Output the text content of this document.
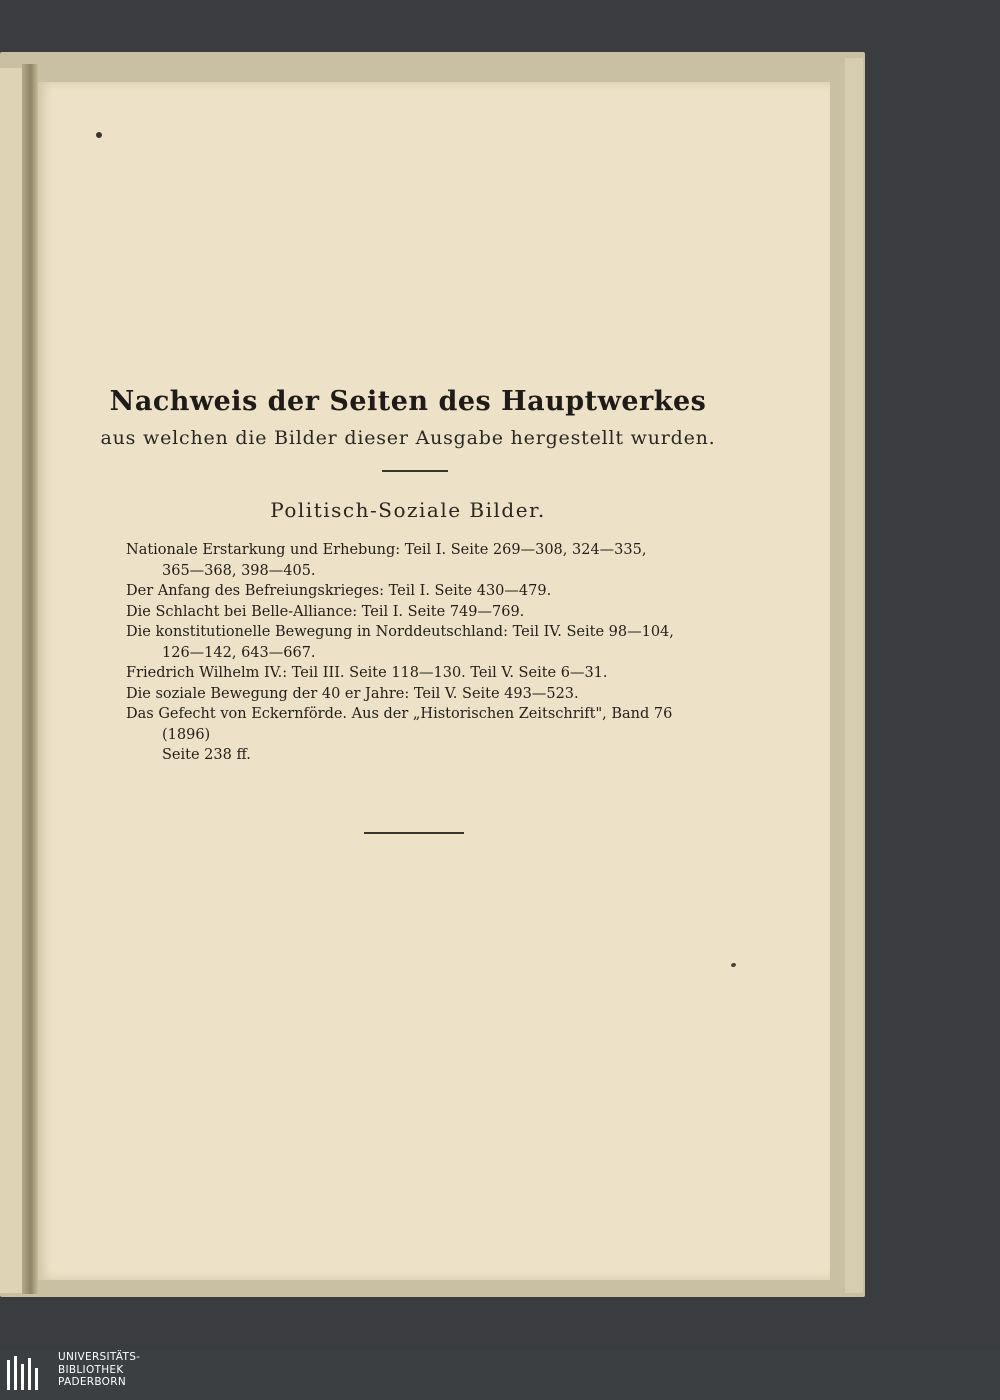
Nachweis der Seiten des Hauptwerkes
aus welchen die Bilder dieser Ausgabe hergestellt wurden.
Politisch-Soziale Bilder.
Nationale Erstarkung und Erhebung: Teil I. Seite 269—308, 324—335,
365—368, 398—405.
Der Anfang des Befreiungskrieges: Teil I. Seite 430—479.
Die Schlacht bei Belle-Alliance: Teil I. Seite 749—769.
Die konstitutionelle Bewegung in Norddeutschland: Teil IV. Seite 98—104,
126—142, 643—667.
Friedrich Wilhelm IV.: Teil III. Seite 118—130. Teil V. Seite 6—31.
Die soziale Bewegung der 40 er Jahre: Teil V. Seite 493—523.
Das Gefecht von Eckernförde. Aus der „Historischen Zeitschrift", Band 76 (1896)
Seite 238 ff.
UNIVERSITÄTS-
BIBLIOTHEK
PADERBORN
